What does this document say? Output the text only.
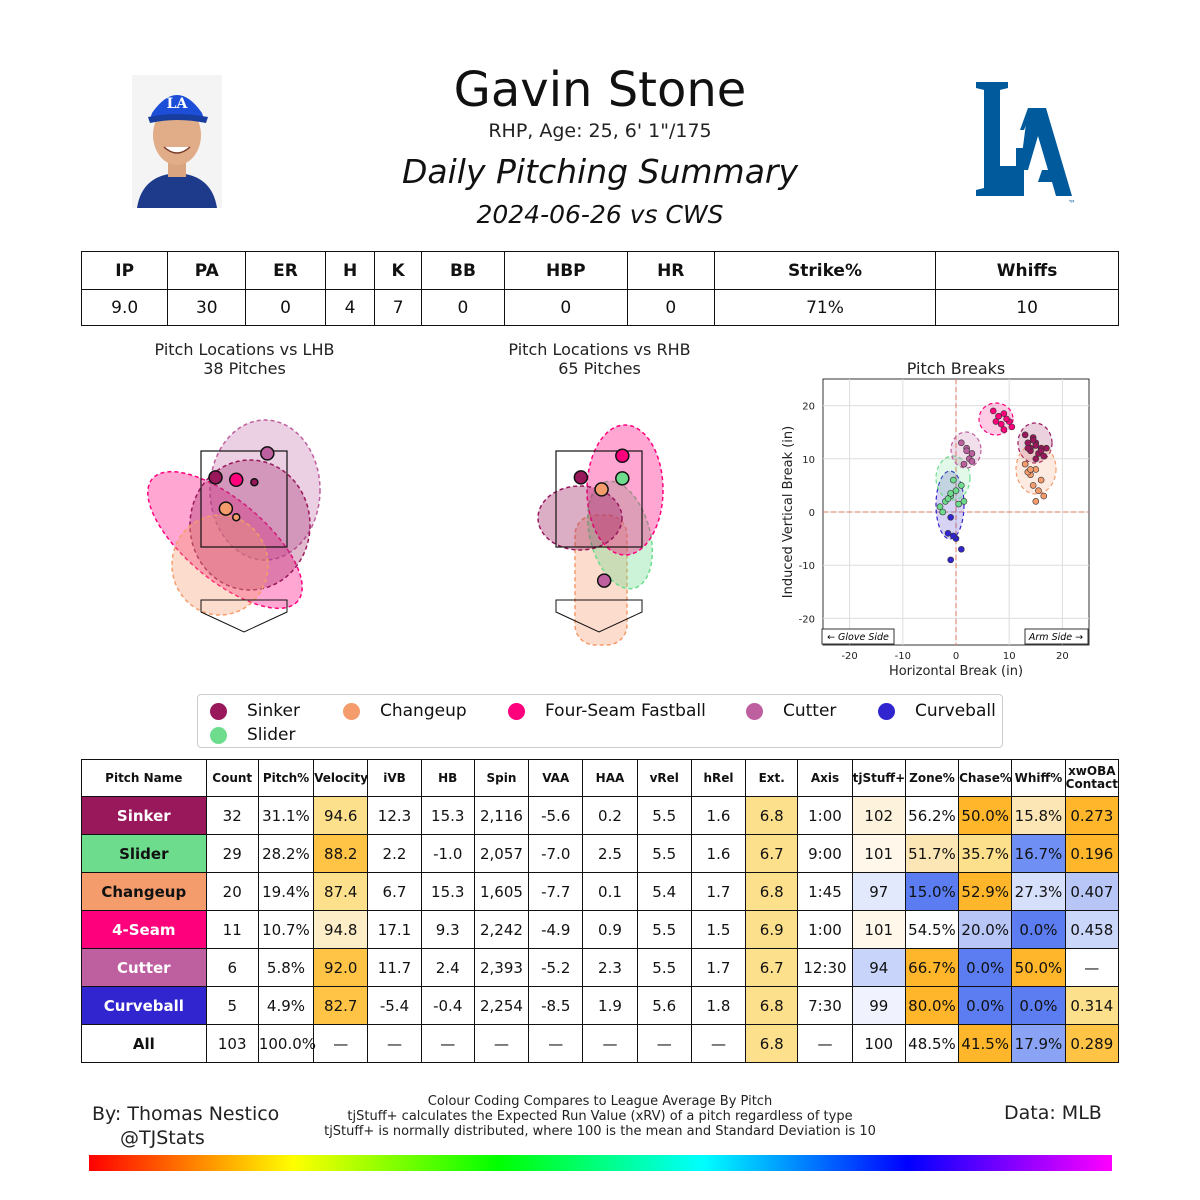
LA	Gavin Stone
RHP, Age: 25, 6' 1"/175
Daily Pitching Summary
2024-06-26 vs CWS	™
IP	PA	ER	H	K	BB	HBP	HR	Strike%	Whiffs
9.0	30	0	4	7	0	0	0	71%	10
Pitch Locations vs LHB
38 Pitches
Pitch Locations vs RHB
65 Pitches	Pitch Breaks
-20	-10	0	10	20
-20
-10
0
10
20
← Glove Side	Arm Side →
Horizontal Break (in)
Induced Vertical Break (in)
Sinker	Changeup	Four-Seam Fastball	Cutter	Curveball
Slider
Pitch Name	Count	Pitch%	Velocity	iVB	HB	Spin	VAA	HAA	vRel	hRel	Ext.	Axis	tjStuff+	Zone%	Chase%	Whiff%	xwOBA
Contact
Sinker	32	31.1%	94.6	12.3	15.3	2,116	-5.6	0.2	5.5	1.6	6.8	1:00	102	56.2%	50.0%	15.8%	0.273
Slider	29	28.2%	88.2	2.2	-1.0	2,057	-7.0	2.5	5.5	1.6	6.7	9:00	101	51.7%	35.7%	16.7%	0.196
Changeup	20	19.4%	87.4	6.7	15.3	1,605	-7.7	0.1	5.4	1.7	6.8	1:45	97	15.0%	52.9%	27.3%	0.407
4-Seam	11	10.7%	94.8	17.1	9.3	2,242	-4.9	0.9	5.5	1.5	6.9	1:00	101	54.5%	20.0%	0.0%	0.458
Cutter	6	5.8%	92.0	11.7	2.4	2,393	-5.2	2.3	5.5	1.7	6.7	12:30	94	66.7%	0.0%	50.0%	—
Curveball	5	4.9%	82.7	-5.4	-0.4	2,254	-8.5	1.9	5.6	1.8	6.8	7:30	99	80.0%	0.0%	0.0%	0.314
All	103	100.0%	—	—	—	—	—	—	—	—	6.8	—	100	48.5%	41.5%	17.9%	0.289
By: Thomas Nestico
@TJStats
Colour Coding Compares to League Average By Pitch
tjStuff+ calculates the Expected Run Value (xRV) of a pitch regardless of type
tjStuff+ is normally distributed, where 100 is the mean and Standard Deviation is 10
Data: MLB
